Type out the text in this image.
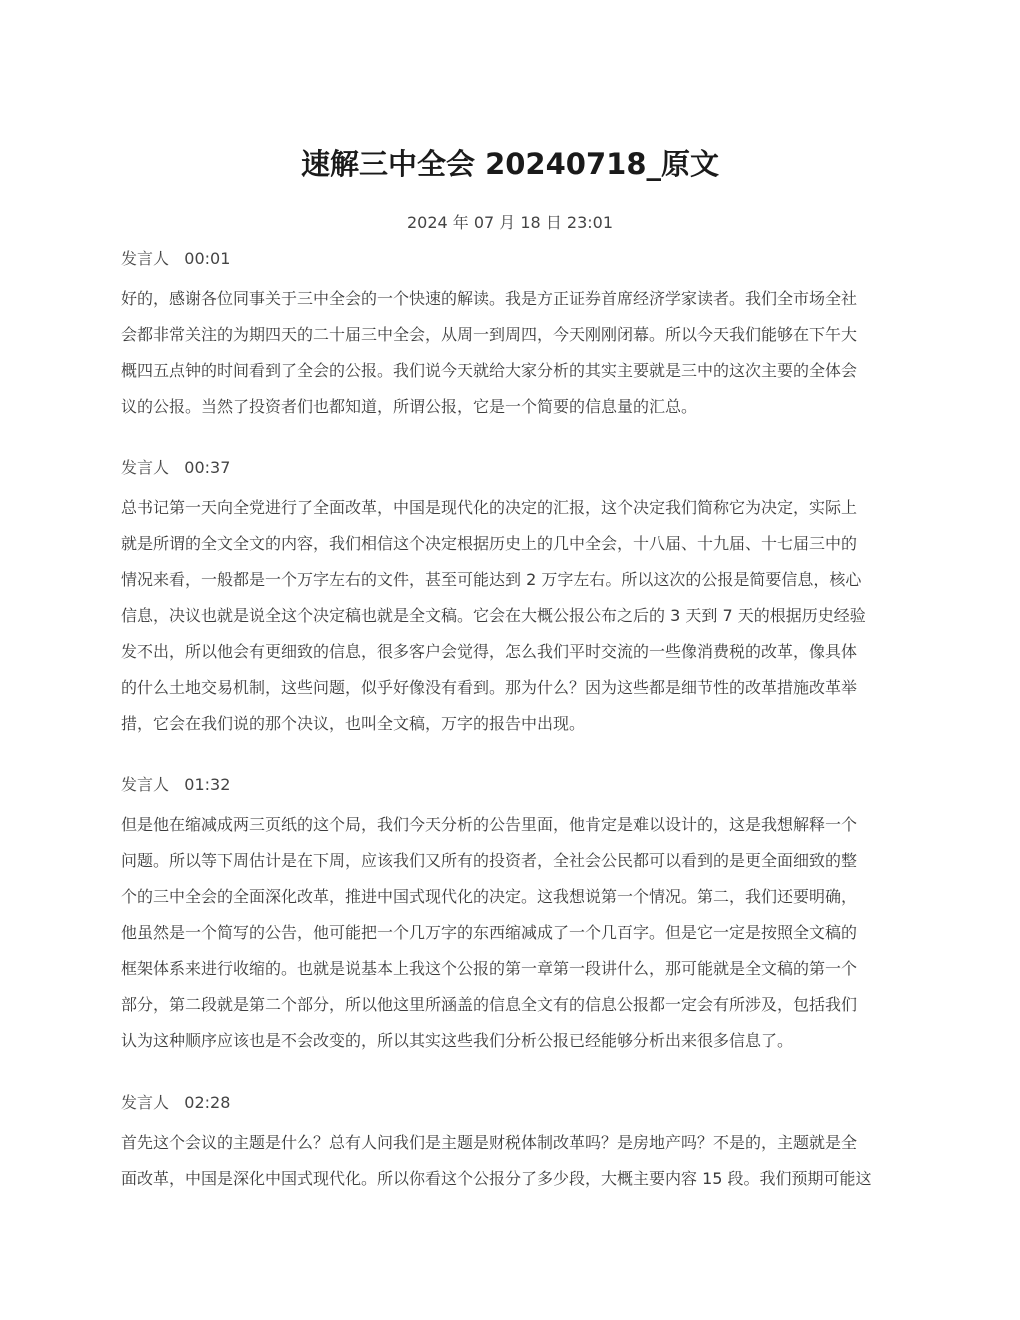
速解三中全会 20240718_原文
2024 年 07 月 18 日 23:01
发言人 00:01
好的，感谢各位同事关于三中全会的一个快速的解读。我是方正证券首席经济学家读者。我们全市场全社
会都非常关注的为期四天的二十届三中全会，从周一到周四，今天刚刚闭幕。所以今天我们能够在下午大
概四五点钟的时间看到了全会的公报。我们说今天就给大家分析的其实主要就是三中的这次主要的全体会
议的公报。当然了投资者们也都知道，所谓公报，它是一个简要的信息量的汇总。
发言人 00:37
总书记第一天向全党进行了全面改革，中国是现代化的决定的汇报，这个决定我们简称它为决定，实际上
就是所谓的全文全文的内容，我们相信这个决定根据历史上的几中全会，十八届、十九届、十七届三中的
情况来看，一般都是一个万字左右的文件，甚至可能达到 2 万字左右。所以这次的公报是简要信息，核心
信息，决议也就是说全这个决定稿也就是全文稿。它会在大概公报公布之后的 3 天到 7 天的根据历史经验
发不出，所以他会有更细致的信息，很多客户会觉得，怎么我们平时交流的一些像消费税的改革，像具体
的什么土地交易机制，这些问题，似乎好像没有看到。那为什么？因为这些都是细节性的改革措施改革举
措，它会在我们说的那个决议，也叫全文稿，万字的报告中出现。
发言人 01:32
但是他在缩减成两三页纸的这个局，我们今天分析的公告里面，他肯定是难以设计的，这是我想解释一个
问题。所以等下周估计是在下周，应该我们又所有的投资者，全社会公民都可以看到的是更全面细致的整
个的三中全会的全面深化改革，推进中国式现代化的决定。这我想说第一个情况。第二，我们还要明确，
他虽然是一个简写的公告，他可能把一个几万字的东西缩减成了一个几百字。但是它一定是按照全文稿的
框架体系来进行收缩的。也就是说基本上我这个公报的第一章第一段讲什么，那可能就是全文稿的第一个
部分，第二段就是第二个部分，所以他这里所涵盖的信息全文有的信息公报都一定会有所涉及，包括我们
认为这种顺序应该也是不会改变的，所以其实这些我们分析公报已经能够分析出来很多信息了。
发言人 02:28
首先这个会议的主题是什么？总有人问我们是主题是财税体制改革吗？是房地产吗？不是的，主题就是全
面改革，中国是深化中国式现代化。所以你看这个公报分了多少段，大概主要内容 15 段。我们预期可能这
